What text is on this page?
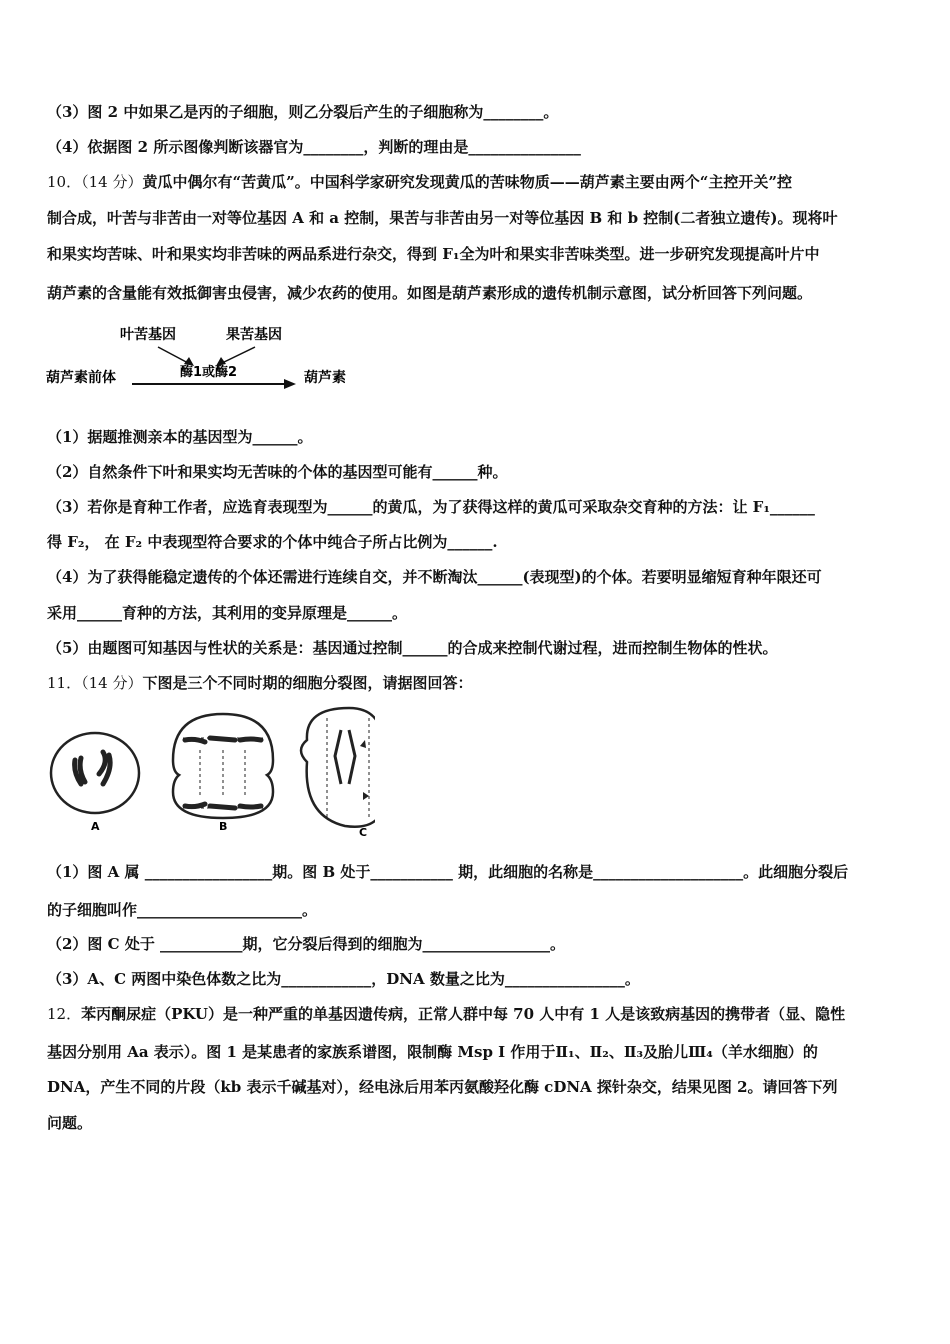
（3）图 2 中如果乙是丙的子细胞，则乙分裂后产生的子细胞称为________。
（4）依据图 2 所示图像判断该器官为________，判断的理由是_______________
10．（14 分）黄瓜中偶尔有“苦黄瓜”。中国科学家研究发现黄瓜的苦味物质——葫芦素主要由两个“主控开关”控
制合成，叶苦与非苦由一对等位基因 A 和 a 控制，果苦与非苦由另一对等位基因 B 和 b 控制(二者独立遗传)。现将叶
和果实均苦味、叶和果实均非苦味的两品系进行杂交，得到 F₁全为叶和果实非苦味类型。进一步研究发现提高叶片中
葫芦素的含量能有效抵御害虫侵害，减少农药的使用。如图是葫芦素形成的遗传机制示意图，试分析回答下列问题。
叶苦基因	果苦基因
葫芦素前体	酶1或酶2	葫芦素
（1）据题推测亲本的基因型为______。
（2）自然条件下叶和果实均无苦味的个体的基因型可能有______种。
（3）若你是育种工作者，应选育表现型为______的黄瓜，为了获得这样的黄瓜可采取杂交育种的方法：让 F₁______
得 F₂， 在 F₂ 中表现型符合要求的个体中纯合子所占比例为______.
（4）为了获得能稳定遗传的个体还需进行连续自交，并不断淘汰______(表现型)的个体。若要明显缩短育种年限还可
采用______育种的方法，其利用的变异原理是______。
（5）由题图可知基因与性状的关系是：基因通过控制______的合成来控制代谢过程，进而控制生物体的性状。
11．（14 分）下图是三个不同时期的细胞分裂图，请据图回答：
A	B	C
（1）图 A 属 _________________期。图 B 处于___________ 期，此细胞的名称是____________________。此细胞分裂后
的子细胞叫作______________________。
（2）图 C 处于 ___________期，它分裂后得到的细胞为_________________。
（3）A、C 两图中染色体数之比为____________，DNA 数量之比为________________。
12．苯丙酮尿症（PKU）是一种严重的单基因遗传病，正常人群中每 70 人中有 1 人是该致病基因的携带者（显、隐性
基因分别用 Aa 表示）。图 1 是某患者的家族系谱图，限制酶 Msp I 作用于Ⅱ₁、Ⅱ₂、Ⅱ₃及胎儿Ⅲ₄（羊水细胞）的
DNA，产生不同的片段（kb 表示千碱基对），经电泳后用苯丙氨酸羟化酶 cDNA 探针杂交，结果见图 2。请回答下列
问题。
